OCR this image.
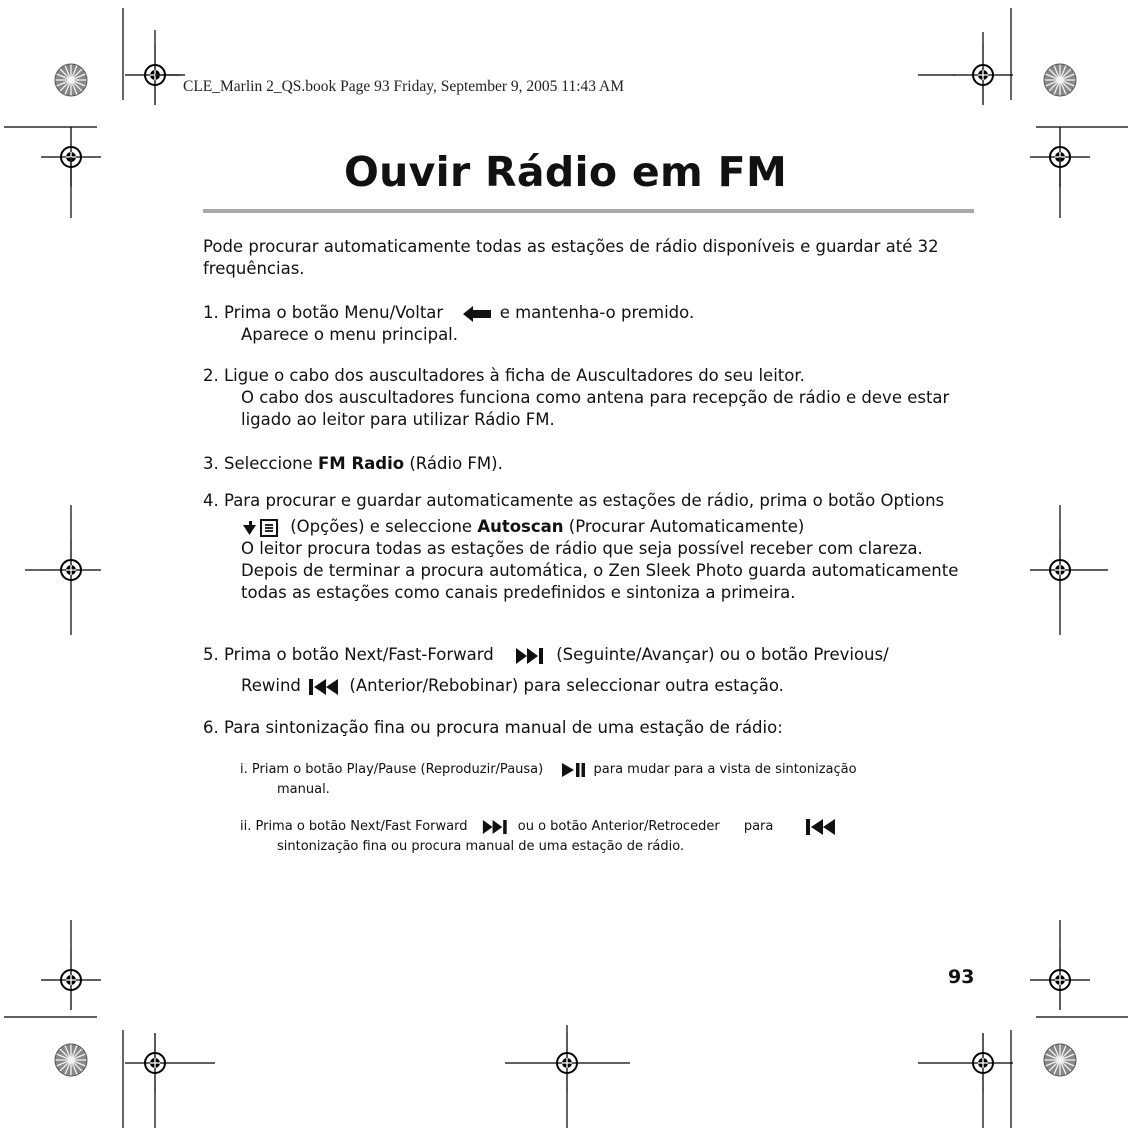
CLE_Marlin 2_QS.book Page 93 Friday, September 9, 2005 11:43 AM
Ouvir Rádio em FM
Pode procurar automaticamente todas as estações de rádio disponíveis e guardar até 32
frequências.
1. Prima o botão Menu/Voltar	e mantenha-o premido.
Aparece o menu principal.
2. Ligue o cabo dos auscultadores à ficha de Auscultadores do seu leitor.
O cabo dos auscultadores funciona como antena para recepção de rádio e deve estar
ligado ao leitor para utilizar Rádio FM.
3. Seleccione FM Radio (Rádio FM).
4. Para procurar e guardar automaticamente as estações de rádio, prima o botão Options
(Opções) e seleccione Autoscan (Procurar Automaticamente)
O leitor procura todas as estações de rádio que seja possível receber com clareza.
Depois de terminar a procura automática, o Zen Sleek Photo guarda automaticamente
todas as estações como canais predefinidos e sintoniza a primeira.
5. Prima o botão Next/Fast-Forward	(Seguinte/Avançar) ou o botão Previous/
Rewind	(Anterior/Rebobinar) para seleccionar outra estação.
6. Para sintonização fina ou procura manual de uma estação de rádio:
i. Priam o botão Play/Pause (Reproduzir/Pausa)	para mudar para a vista de sintonização
manual.
ii. Prima o botão Next/Fast Forward	ou o botão Anterior/Retroceder para
sintonização fina ou procura manual de uma estação de rádio.
93
